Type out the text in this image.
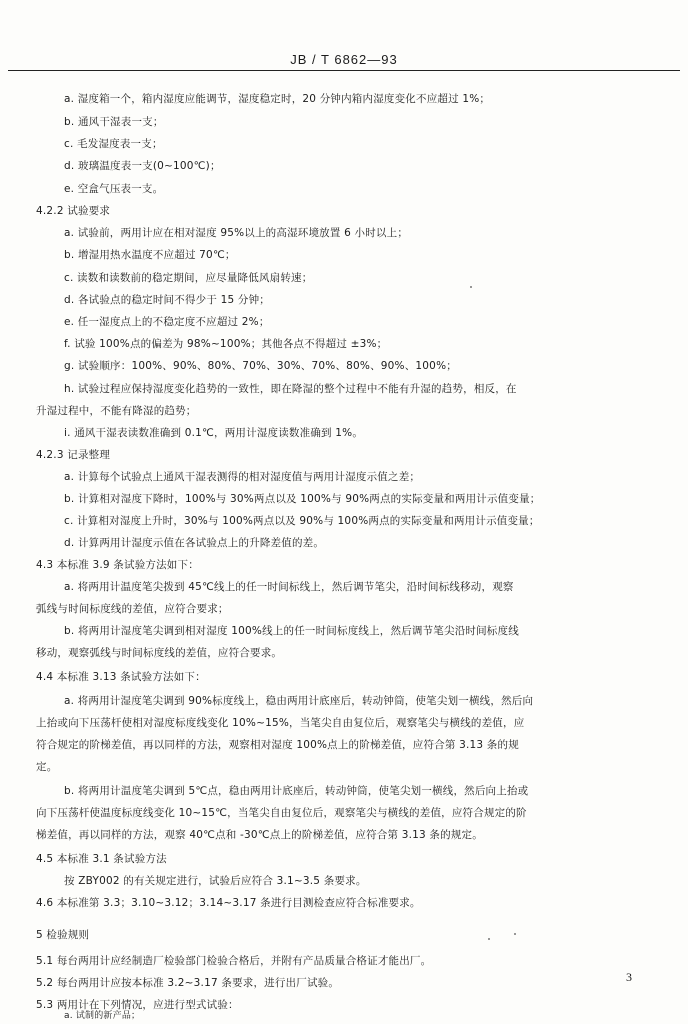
JB / T 6862—93
a. 湿度箱一个，箱内湿度应能调节，湿度稳定时，20 分钟内箱内湿度变化不应超过 1%；
b. 通风干湿表一支；
c. 毛发湿度表一支；
d. 玻璃温度表一支(0~100℃)；
e. 空盒气压表一支。
4.2.2 试验要求
a. 试验前，两用计应在相对湿度 95%以上的高湿环境放置 6 小时以上；
b. 增湿用热水温度不应超过 70℃；
c. 读数和读数前的稳定期间，应尽量降低风扇转速；
d. 各试验点的稳定时间不得少于 15 分钟；
e. 任一湿度点上的不稳定度不应超过 2%；
f. 试验 100%点的偏差为 98%~100%；其他各点不得超过 ±3%；
g. 试验顺序：100%、90%、80%、70%、30%、70%、80%、90%、100%；
h. 试验过程应保持湿度变化趋势的一致性，即在降湿的整个过程中不能有升湿的趋势，相反，在
升湿过程中，不能有降湿的趋势；
i. 通风干湿表读数准确到 0.1℃，两用计湿度读数准确到 1%。
4.2.3 记录整理
a. 计算每个试验点上通风干湿表测得的相对湿度值与两用计湿度示值之差；
b. 计算相对湿度下降时，100%与 30%两点以及 100%与 90%两点的实际变量和两用计示值变量；
c. 计算相对湿度上升时，30%与 100%两点以及 90%与 100%两点的实际变量和两用计示值变量；
d. 计算两用计湿度示值在各试验点上的升降差值的差。
4.3 本标准 3.9 条试验方法如下：
a. 将两用计温度笔尖拨到 45℃线上的任一时间标线上，然后调节笔尖，沿时间标线移动，观察
弧线与时间标度线的差值，应符合要求；
b. 将两用计湿度笔尖调到相对湿度 100%线上的任一时间标度线上，然后调节笔尖沿时间标度线
移动，观察弧线与时间标度线的差值，应符合要求。
4.4 本标准 3.13 条试验方法如下：
a. 将两用计湿度笔尖调到 90%标度线上，稳由两用计底座后，转动钟筒，使笔尖划一横线，然后向
上抬或向下压荡杆使相对湿度标度线变化 10%~15%，当笔尖自由复位后，观察笔尖与横线的差值，应
符合规定的阶梯差值，再以同样的方法，观察相对湿度 100%点上的阶梯差值，应符合第 3.13 条的规
定。
b. 将两用计温度笔尖调到 5℃点，稳由两用计底座后，转动钟筒，使笔尖划一横线，然后向上抬或
向下压荡杆使温度标度线变化 10~15℃，当笔尖自由复位后，观察笔尖与横线的差值，应符合规定的阶
梯差值，再以同样的方法，观察 40℃点和 -30℃点上的阶梯差值，应符合第 3.13 条的规定。
4.5 本标准 3.1 条试验方法
按 ZBY002 的有关规定进行，试验后应符合 3.1~3.5 条要求。
4.6 本标准第 3.3；3.10~3.12；3.14~3.17 条进行目测检查应符合标准要求。
5 检验规则
5.1 每台两用计应经制造厂检验部门检验合格后，并附有产品质量合格证才能出厂。
5.2 每台两用计应按本标准 3.2~3.17 条要求，进行出厂试验。
5.3 两用计在下列情况，应进行型式试验：
a. 试制的新产品；
3
